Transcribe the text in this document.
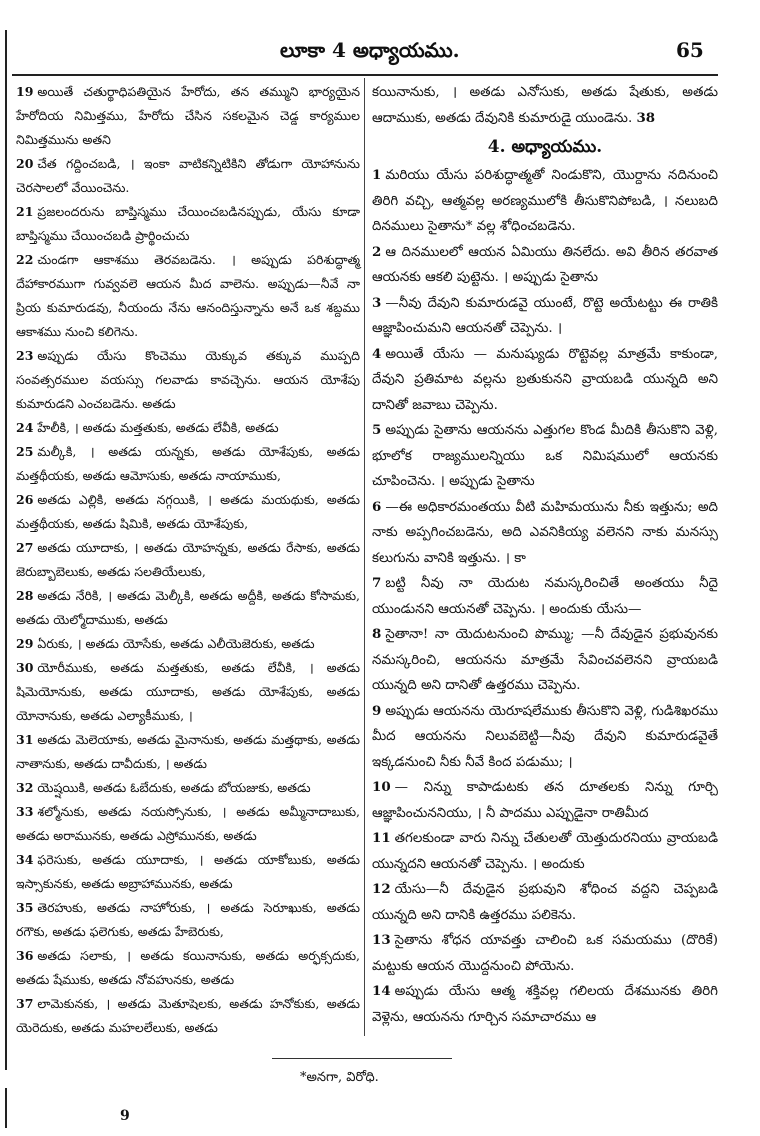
లూకా 4 అధ్యాయము.	65

19 అయితే చతుర్థాధిపతియైన హేరోదు, తన తమ్ముని భార్యయైన హేరోదియ నిమిత్తము, హేరోదు చేసిన సకలమైన చెడ్డ కార్యముల నిమిత్తమును అతని

20 చేత గద్దించబడి, । ఇంకా వాటికన్నిటికిని తోడుగా యోహానును చెరసాలలో వేయించెను.

21 ప్రజలందరును బాప్తిస్మము చేయించబడినప్పుడు, యేసు కూడా బాప్తిస్మము చేయించబడి ప్రార్థించుచు

22 చుండగా ఆకాశము తెరవబడెను. । అప్పుడు పరిశుద్ధాత్మ దేహాకారముగా గువ్వవలె ఆయన మీద వాలెను. అప్పుడు—నీవే నా ప్రియ కుమారుడవు, నీయందు నేను ఆనందిస్తున్నాను అనే ఒక శబ్దము ఆకాశము నుంచి కలిగెను.

23 అప్పుడు యేసు కొంచెము యెక్కువ తక్కువ ముప్పది సంవత్సరముల వయస్సు గలవాడు కావచ్చెను. ఆయన యోశేపు కుమారుడని ఎంచబడెను. అతడు

24 హేలీకి, । అతడు మత్తతుకు, అతడు లేవీకి, అతడు

25 మల్కీకి, । అతడు యన్నకు, అతడు యోశేపుకు, అతడు మత్తథీయకు, అతడు ఆమోసుకు, అతడు నాయాముకు,

26 అతడు ఎల్లికి, అతడు నగ్గయికి, । అతడు మయథుకు, అతడు మత్తథీయకు, అతడు షిమికి, అతడు యోశేపుకు,

27 అతడు యూదాకు, । అతడు యోహన్నకు, అతడు రేసాకు, అతడు జెరుబ్బాబెలుకు, అతడు సలతియేలుకు,

28 అతడు నేరికి, । అతడు మెల్కీకి, అతడు అద్దీకి, అతడు కోసామకు, అతడు యెల్మోదాముకు, అతడు

29 ఏరుకు, । అతడు యోసేకు, అతడు ఎలీయెజెరుకు, అతడు

30 యోరీముకు, అతడు మత్తతుకు, అతడు లేవీకి, । అతడు షిమెయోనుకు, అతడు యూదాకు, అతడు యోశేపుకు, అతడు యోనానుకు, అతడు ఎల్యాకీముకు, ।

31 అతడు మెలెయాకు, అతడు మైనానుకు, అతడు మత్తథాకు, అతడు నాతానుకు, అతడు దావీదుకు, । అతడు

32 యెష్షయికి, అతడు ఓబేదుకు, అతడు బోయజుకు, అతడు

33 శల్మోనుకు, అతడు నయస్సోనుకు, । అతడు అమ్మీనాదాబుకు, అతడు అరామునకు, అతడు ఎస్రోమునకు, అతడు

34 ఫరెసుకు, అతడు యూదాకు, । అతడు యాకోబుకు, అతడు ఇస్సాకునకు, అతడు అబ్రాహామునకు, అతడు

35 తెరహుకు, అతడు నాహోరుకు, । అతడు సెరూఖుకు, అతడు రగౌకు, అతడు ఫలెగుకు, అతడు హేబెరుకు,

36 అతడు సలాకు, । అతడు కయినానుకు, అతడు అర్ఫక్సదుకు, అతడు షేముకు, అతడు నోవహునకు, అతడు

37 లామెకునకు, । అతడు మెతూషెలకు, అతడు హనోకుకు, అతడు యెరెదుకు, అతడు మహలలేలుకు, అతడు

కయినానుకు, । అతడు ఎనోసుకు, అతడు షేతుకు, అతడు ఆదాముకు, అతడు దేవునికి కుమారుడై యుండెను. 38

4. అధ్యాయము.

1 మరియు యేసు పరిశుద్ధాత్మతో నిండుకొని, యొర్దాను నదినుంచి తిరిగి వచ్చి, ఆత్మవల్ల అరణ్యములోకి తీసుకొనిపోబడి, । నలుబది దినములు సైతాను* వల్ల శోధించబడెను.

2 ఆ దినములలో ఆయన ఏమియు తినలేదు. అవి తీరిన తరవాత ఆయనకు ఆకలి పుట్టెను. । అప్పుడు సైతాను

3 —నీవు దేవుని కుమారుడవై యుంటే, రొట్టె అయేటట్టు ఈ రాతికి ఆజ్ఞాపించుమని ఆయనతో చెప్పెను. ।

4 అయితే యేసు — మనుష్యుడు రొట్టెవల్ల మాత్రమే కాకుండా, దేవుని ప్రతిమాట వల్లను బ్రతుకునని వ్రాయబడి యున్నది అని దానితో జవాబు చెప్పెను.

5 అప్పుడు సైతాను ఆయనను ఎత్తుగల కొండ మీదికి తీసుకొని వెళ్లి, భూలోక రాజ్యములన్నియు ఒక నిమిషములో ఆయనకు చూపించెను. । అప్పుడు సైతాను

6 —ఈ అధికారమంతయు వీటి మహిమయును నీకు ఇత్తును; అది నాకు అప్పగించబడెను, అది ఎవనికియ్య వలెనని నాకు మనస్సు కలుగును వానికి ఇత్తును. । కా

7 బట్టి నీవు నా యెదుట నమస్కరించితే అంతయు నీదై యుండునని ఆయనతో చెప్పెను. । అందుకు యేసు—

8 సైతానా! నా యెదుటనుంచి పొమ్ము; —నీ దేవుడైన ప్రభువునకు నమస్కరించి, ఆయనను మాత్రమే సేవించవలెనని వ్రాయబడి యున్నది అని దానితో ఉత్తరము చెప్పెను.

9 అప్పుడు ఆయనను యెరూషలేముకు తీసుకొని వెళ్లి, గుడిశిఖరము మీద ఆయనను నిలువబెట్టి—నీవు దేవుని కుమారుడవైతే ఇక్కడనుంచి నీకు నీవే కింద పడుము; ।

10 — నిన్ను కాపాడుటకు తన దూతలకు నిన్ను గూర్చి ఆజ్ఞాపించుననియు, । నీ పాదము ఎప్పుడైనా రాతిమీద

11 తగలకుండా వారు నిన్ను చేతులతో యెత్తుదురనియు వ్రాయబడి యున్నదని ఆయనతో చెప్పెను. । అందుకు

12 యేసు—నీ దేవుడైన ప్రభువుని శోధించ వద్దని చెప్పబడి యున్నది అని దానికి ఉత్తరము పలికెను.

13 సైతాను శోధన యావత్తు చాలించి ఒక సమయము (దొరికే) మట్టుకు ఆయన యొద్దనుంచి పోయెను.

14 అప్పుడు యేసు ఆత్మ శక్తివల్ల గలిలయ దేశమునకు తిరిగి వెళ్లెను, ఆయనను గూర్చిన సమాచారము ఆ

*అనగా, విరోధి.
9
